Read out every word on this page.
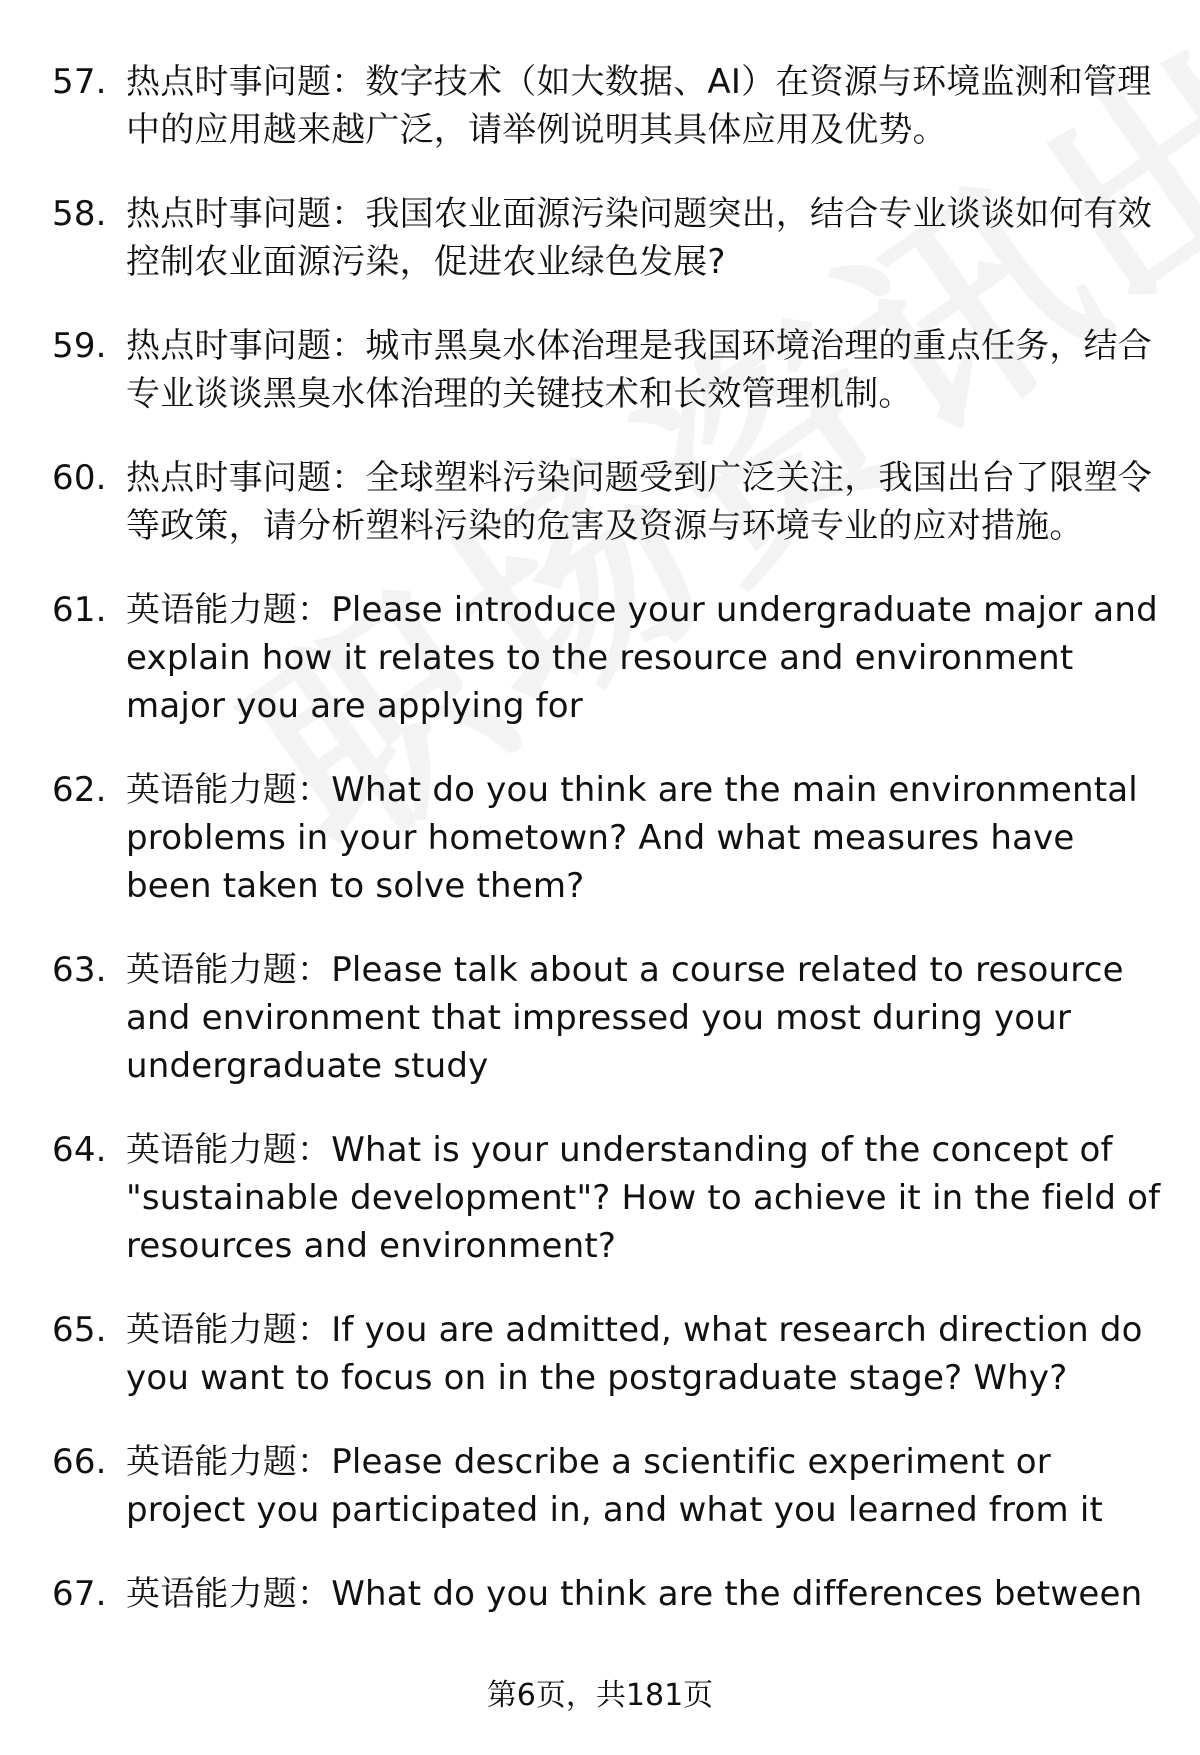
57. 热点时事问题：数字技术（如大数据、AI）在资源与环境监测和管理中的应用越来越广泛，请举例说明其具体应用及优势。
58. 热点时事问题：我国农业面源污染问题突出，结合专业谈谈如何有效控制农业面源污染，促进农业绿色发展?
59. 热点时事问题：城市黑臭水体治理是我国环境治理的重点任务，结合专业谈谈黑臭水体治理的关键技术和长效管理机制。
60. 热点时事问题：全球塑料污染问题受到广泛关注，我国出台了限塑令等政策，请分析塑料污染的危害及资源与环境专业的应对措施。
61. 英语能力题：Please introduce your undergraduate major and explain how it relates to the resource and environment major you are applying for
62. 英语能力题：What do you think are the main environmental problems in your hometown? And what measures have been taken to solve them?
63. 英语能力题：Please talk about a course related to resource and environment that impressed you most during your undergraduate study
64. 英语能力题：What is your understanding of the concept of "sustainable development"? How to achieve it in the field of resources and environment?
65. 英语能力题：If you are admitted, what research direction do you want to focus on in the postgraduate stage? Why?
66. 英语能力题：Please describe a scientific experiment or project you participated in, and what you learned from it
67. 英语能力题：What do you think are the differences between
第6页，共181页
